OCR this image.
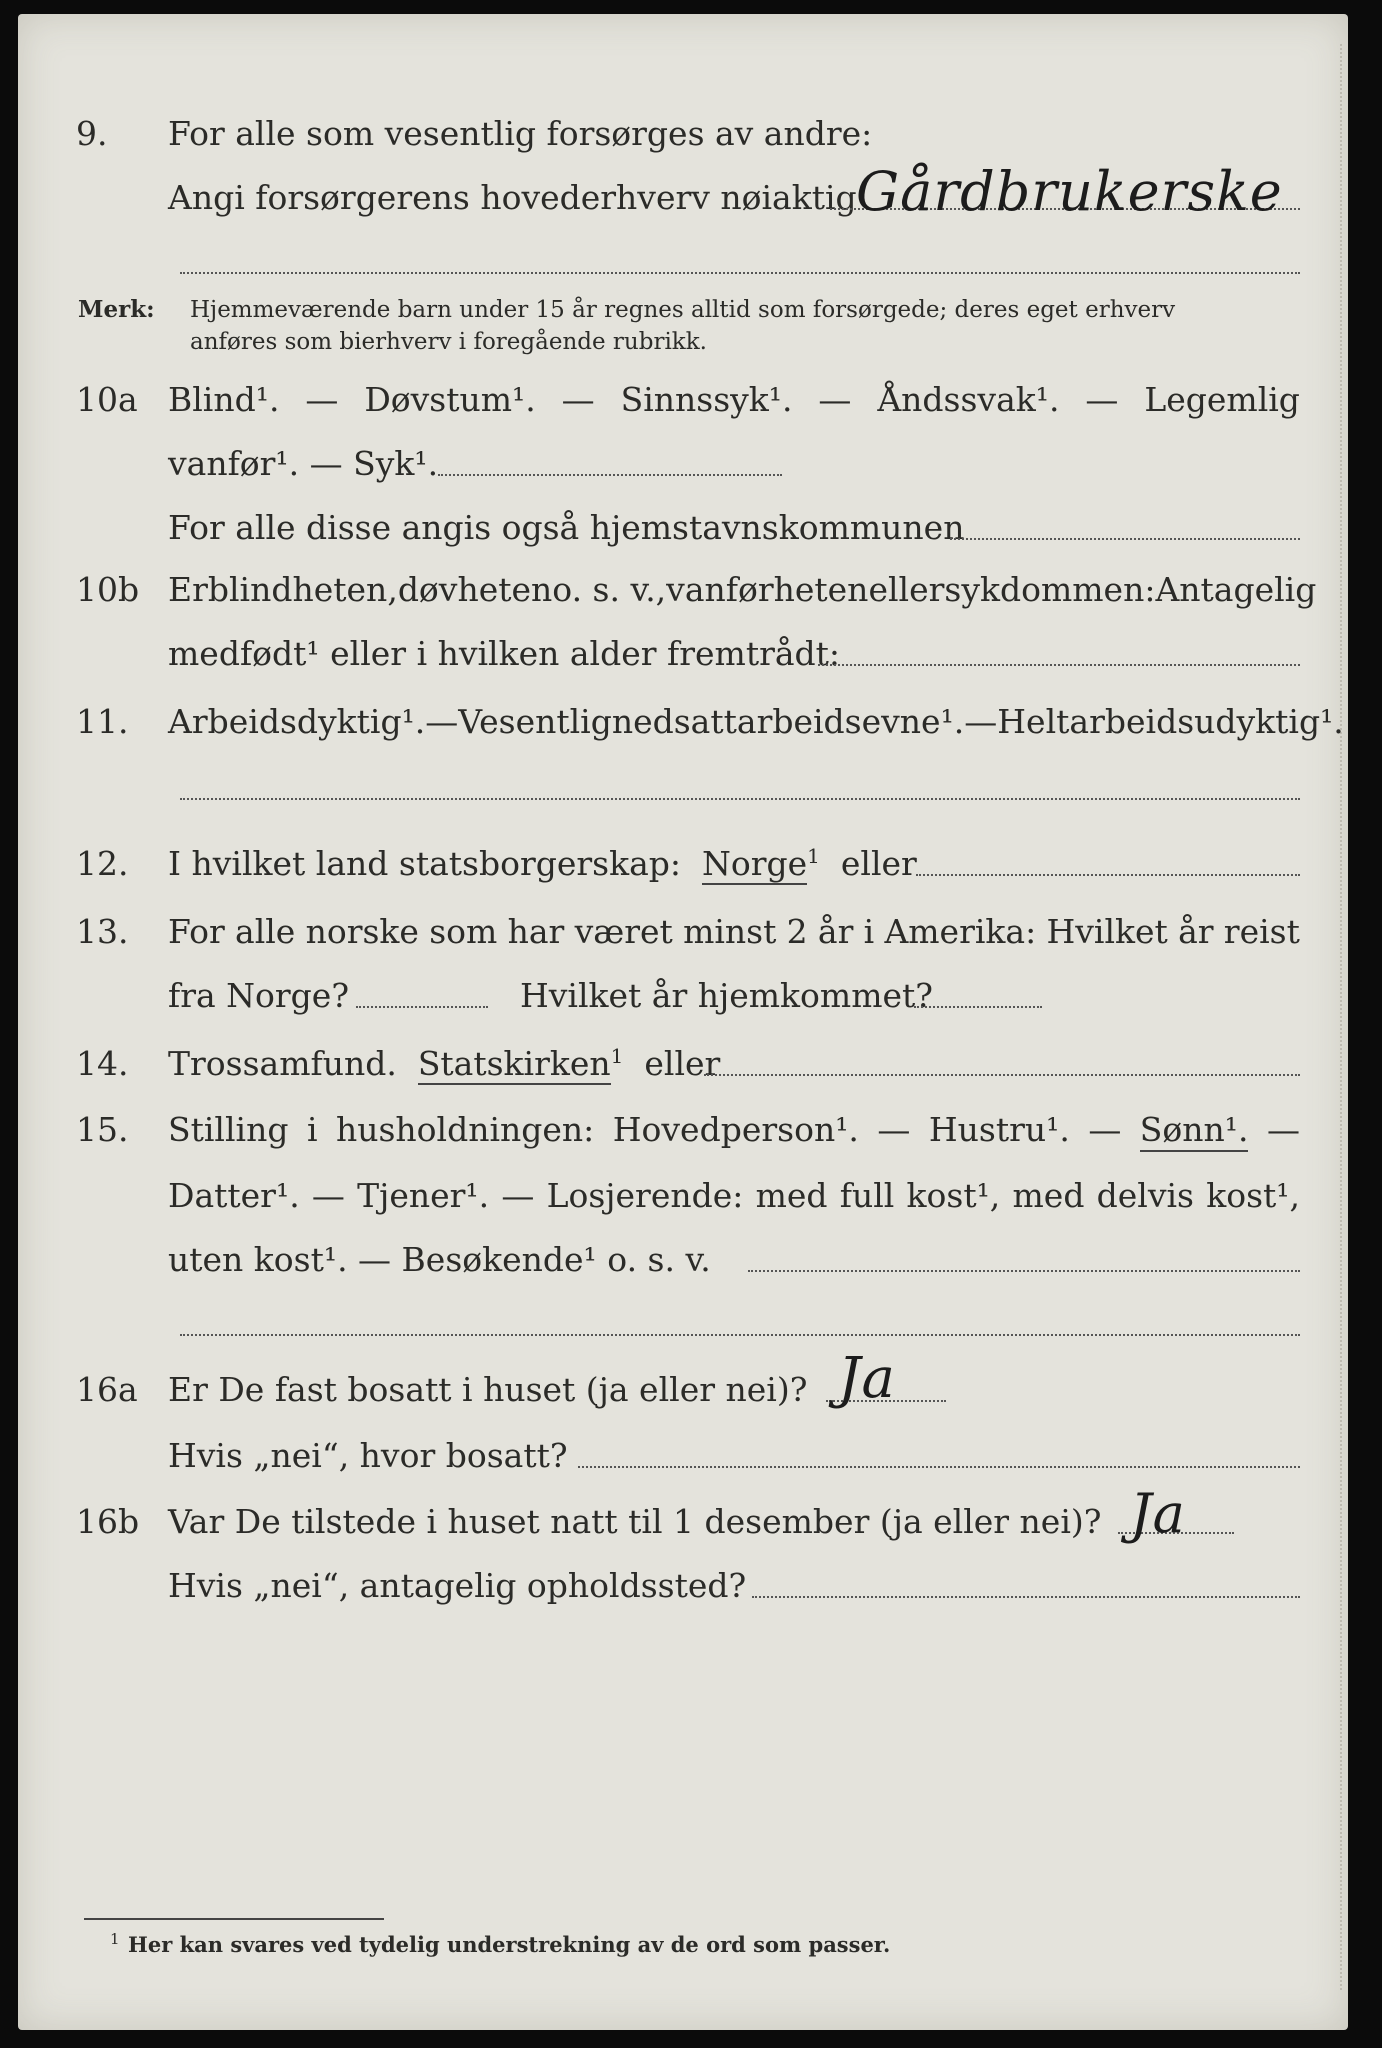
9. For alle som vesentlig forsørges av andre:
Angi forsørgerens hovederhverv nøiaktig Gårdbrukerske
Merk: Hjemmeværende barn under 15 år regnes alltid som forsørgede; deres eget erhverv
anføres som bierhverv i foregående rubrikk.
10a Blind¹. — Døvstum¹. — Sinnssyk¹. — Åndssvak¹. — Legemlig
vanfør¹. — Syk¹.
For alle disse angis også hjemstavnskommunen
10b Er blindheten, døvheten o. s. v., vanførheten eller sykdommen: Antagelig
medfødt¹ eller i hvilken alder fremtrådt:
11. Arbeidsdyktig¹. — Vesentlig nedsatt arbeidsevne¹. — Helt arbeidsudyktig¹.
12. I hvilket land statsborgerskap: Norge$^1$ eller
13. For alle norske som har været minst 2 år i Amerika: Hvilket år reist
fra Norge?	Hvilket år hjemkommet?
14. Trossamfund. Statskirken$^1$ eller
15. Stilling i husholdningen: Hovedperson¹. — Hustru¹. — Sønn¹. —
Datter¹. — Tjener¹. — Losjerende: med full kost¹, med delvis kost¹,
uten kost¹. — Besøkende¹ o. s. v.
16a Er De fast bosatt i huset (ja eller nei)? Ja
Hvis „nei“, hvor bosatt?
16b Var De tilstede i huset natt til 1 desember (ja eller nei)? Ja
Hvis „nei“, antagelig opholdssted?
1 Her kan svares ved tydelig understrekning av de ord som passer.
